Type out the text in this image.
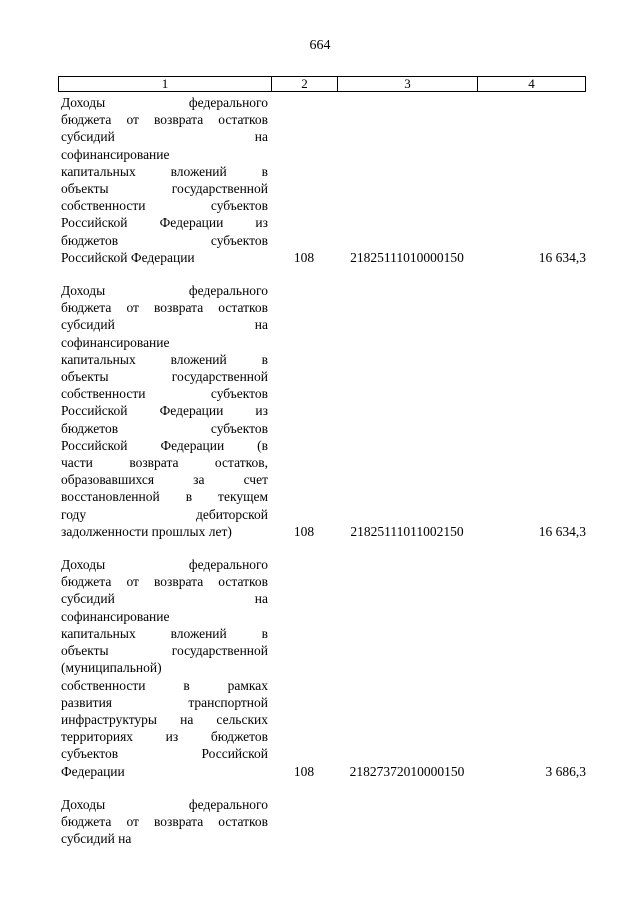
664
1	2	3	4
Доходы федерального
бюджета от возврата остатков
субсидий на
софинансирование
капитальных вложений в
объекты государственной
собственности субъектов
Российской Федерации из
бюджетов субъектов
Российской Федерации	108	21825111010000150	16 634,3
Доходы федерального
бюджета от возврата остатков
субсидий на
софинансирование
капитальных вложений в
объекты государственной
собственности субъектов
Российской Федерации из
бюджетов субъектов
Российской Федерации (в
части возврата остатков,
образовавшихся за счет
восстановленной в текущем
году дебиторской
задолженности прошлых лет)	108	21825111011002150	16 634,3
Доходы федерального
бюджета от возврата остатков
субсидий на
софинансирование
капитальных вложений в
объекты государственной
(муниципальной)
собственности в рамках
развития транспортной
инфраструктуры на сельских
территориях из бюджетов
субъектов Российской
Федерации	108	21827372010000150	3 686,3
Доходы федерального
бюджета от возврата остатков
субсидий на
